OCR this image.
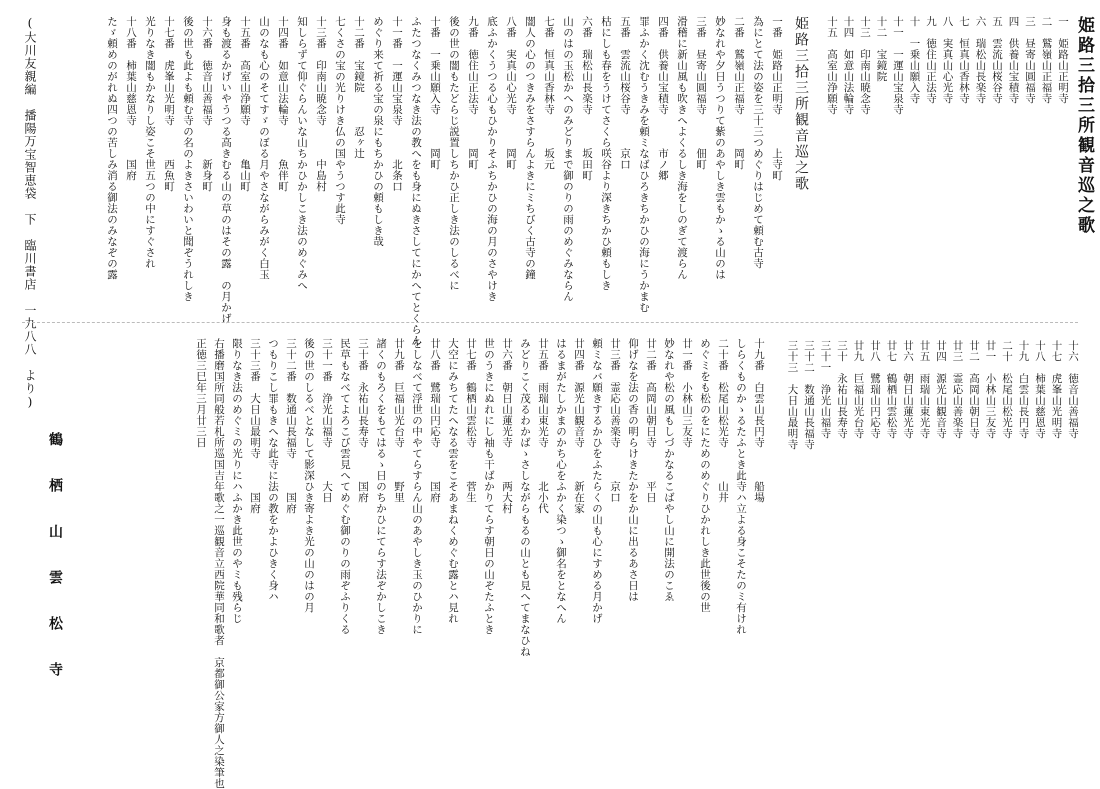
姫路三拾三所観音巡之歌
一　姫路山正明寺
二　鷲嶺山正福寺
三　昼寄山圓福寺
四　供養山宝積寺
五　雲流山桜谷寺
六　瑞松山長楽寺
七　恒真山香林寺
八　実真山心光寺
九　徳住山正法寺
十　一乗山願入寺
十一　一運山宝泉寺
十二　宝鏡院
十三　印南山暁念寺
十四　如意山法輪寺
十五　高室山浄願寺
姫路三拾三所観音巡之歌
一番　姫路山正明寺　　　上寺町
為にとて法の姿を三十三つめぐりはじめて頼む古寺
二番　鷲嶺山正福寺　　　岡町
妙なれや夕日うつりて紫のあやしき雲もかゝる山のは
三番　昼寄山圓福寺　　　佃町
滑稽に新山風も吹きへよくるしき海をしのぎて渡らん
四番　供養山宝積寺　　　市ノ郷
罪ふかく沈むうきみを頼ミなばひろきちかひの海にうかまむ
五番　雲流山桜谷寺　　　京口
枯にしも春をうけてさくら咲谷より深きちかひ頼もしき
六番　瑞松山長楽寺　　　坂田町
山のはの玉松かへのみどりまで御のりの雨のめぐみならん
七番　恒真山香林寺　　　坂元
闇人の心のつきみをさすらんよきにミちびく古寺の鐘
八番　実真山心光寺　　　岡町
底ふかくうつる心もひかりそふちかひの海の月のさやけき
九番　徳住山正法寺　　　岡町
後の世の闇もたどらじ説置しちかひ正しき法のしるべに
十番　一乗山願入寺　　　岡町
ふたつなくみつなき法の教へをも身にぬきさしてにかへてとくらん
十一番　一運山宝泉寺　　　北条口
めぐり来て祈る宝の泉にもちかひの頼もしき哉
十二番　宝鏡院　　　忍ヶ辻
七くさの宝の光りけき仏の国やうつす此寺
十三番　印南山暁念寺　　　中島村
知しらずて仰ぐらんいな山ちかひかしこき法のめぐみへ
十四番　如意山法輪寺　　　魚伴町
山のなも心のそてすゞのぼる月やさながらみがく白玉
十五番　高室山浄願寺　　　亀山町
身も渡るかげいやうつる高きむる山の草のはその露　の月かげ
十六番　徳音山善福寺　　　新身町
後の世も此よも頼む寺の名のよきさいわいと聞ぞうれしき
十七番　虎峯山光明寺　　　西魚町
光りなき闇もかなりし姿こそ世五つの中にすぐされ
十八番　柿葉山慈恩寺　　　国府
たゞ頼めのがれぬ四つの苦しみ消る御法のみなぞの露
(大川友親編　播陽万宝智恵袋　下　臨川書店　一九八八　より)	十六　徳音山善福寺
十七　虎峯山光明寺
十八　柿葉山慈恩寺
十九　白雲山長円寺
二十　松尾山松光寺
廿一　小林山三友寺
廿二　高岡山朝日寺
廿三　霊応山善楽寺
廿四　源光山観音寺
廿五　雨瑞山東光寺
廿六　朝日山蓮光寺
廿七　鶴栖山雲松寺
廿八　鷺瑞山円応寺
廿九　巨福山光台寺
三十　永祐山長寿寺
三十一　浄光山福寺
三十二　数通山長福寺
三十三　大日山最明寺
十九番　白雲山長円寺　　　船場
しらくものかゝるたふとき此寺ハ立よる身こそたのミ有けれ
二十番　松尾山松光寺　　　山井
めぐミをも松のをにためのめぐりひかれしき此世後の世
廿一番　小林山三友寺
妙なれや松の風もしづかなるこばやし山に開法のこゑ
廿二番　高岡山朝日寺　　　平日
仰げなを法の香の明らけきたかをか山に出るあさ日は
廿三番　霊応山善楽寺　　　京口
頼ミなバ願きするかひをふたらくの山も心にすめる月かげ
廿四番　源光山観音寺　　　新在家
はるまがたしかまのかち心をふかく染つゝ御名をとなへん
廿五番　雨瑞山東光寺　　　北小代
みどりこく茂るわかばゝさしながらもるの山とも見へてまなひね
廿六番　朝日山蓮光寺　　　两大村
世のうきにぬれにし袖も干ばかりてらす朝日の山ぞたふとき
廿七番　鶴栖山雲松寺　　　菅生
大空にみちてたへなる雲をこそあまねくめぐむ露とハ見れ
廿八番　鷺瑞山円応寺　　　国府
をしなべて浮世の中やてらすらん山のあやしき玉のひかりに
廿九番　巨福山光台寺　　　野里
諸くのもろくをもてはるゝ日のちかひにてらす法ぞかしこき
三十番　永祐山長寿寺　　　国府
民草もなべてよろこび雲見へてめぐむ御のりの雨ぞふりくる
三十一番　浄光山福寺　　　大日
後の世のしるべとなして影深ひき寄よき光の山のはの月
三十二番　数通山長福寺　　　国府
つもりこし罪もきへな此寺に法の教をかよひきく身ハ
三十三番　大日山最明寺　　　国府
限りなき法のめぐミの光りにハふかき此世のやミも残らじ
右播磨国所同般若札所巡国吉年歌之一巡観音立西院華同和歌者　京都御公家方御人之染筆也
正徳三巳年三月廿三日
鶴 栖 山 雲 松 寺
